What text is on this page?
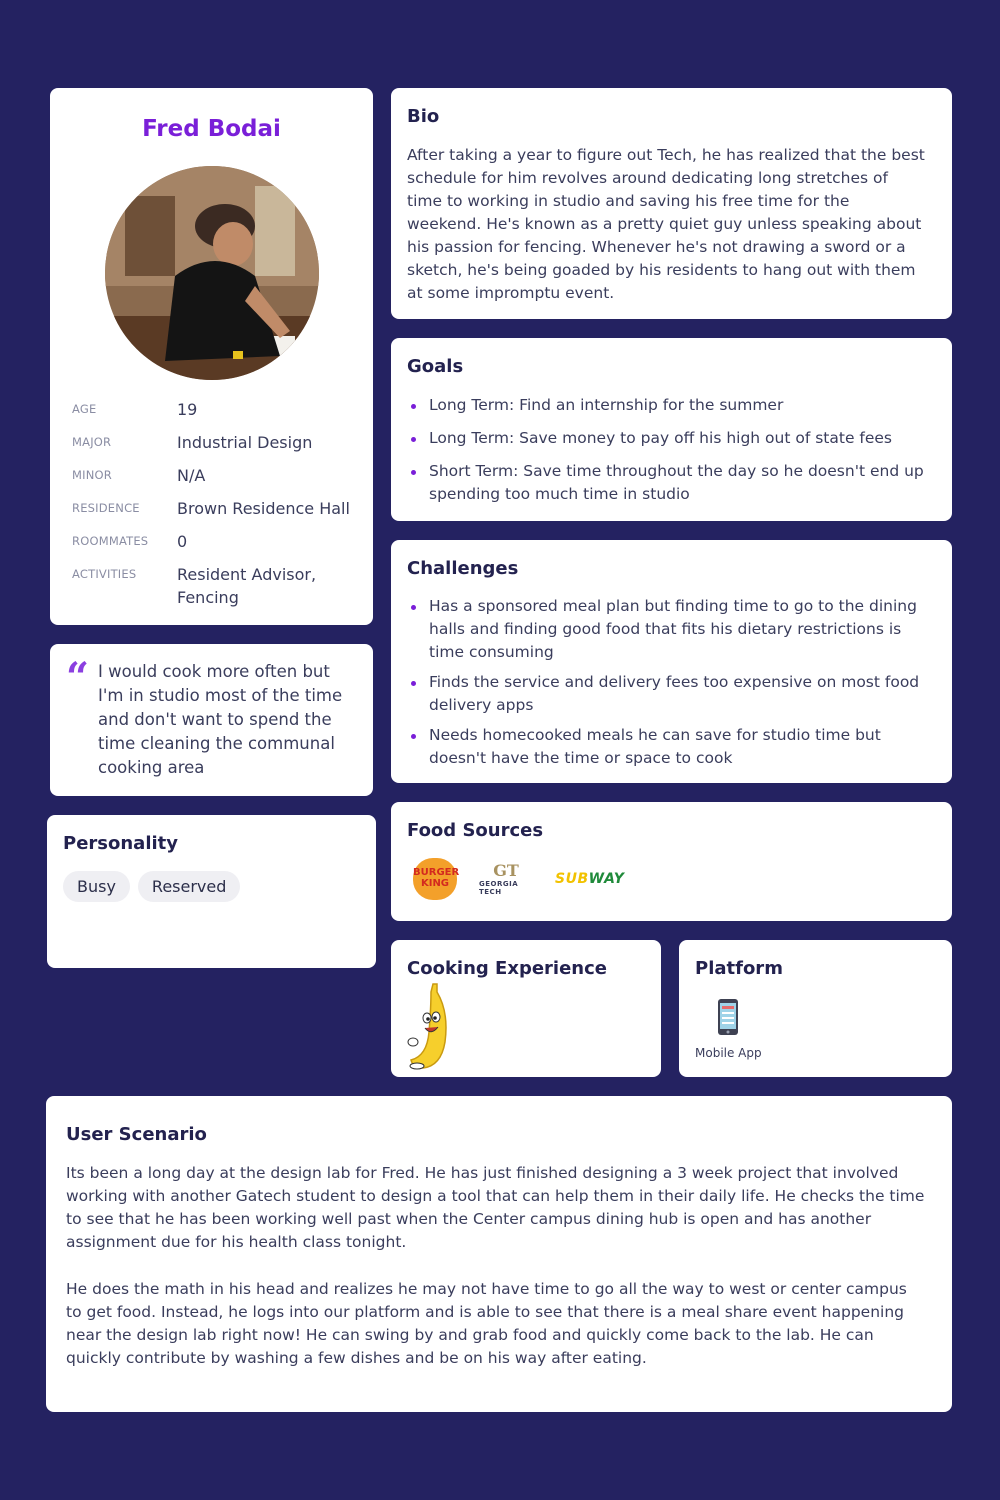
Fred Bodai
AGE	19
MAJOR	Industrial Design
MINOR	N/A
RESIDENCE	Brown Residence Hall
ROOMMATES	0
ACTIVITIES	Resident Advisor, Fencing
“ I would cook more often but I'm in studio most of the time and don't want to spend the time cleaning the communal cooking area
Personality
Busy	Reserved
Bio
After taking a year to figure out Tech, he has realized that the best schedule for him revolves around dedicating long stretches of time to working in studio and saving his free time for the weekend. He's known as a pretty quiet guy unless speaking about his passion for fencing. Whenever he's not drawing a sword or a sketch, he's being goaded by his residents to hang out with them at some impromptu event.
Goals
Long Term: Find an internship for the summer
Long Term: Save money to pay off his high out of state fees
Short Term: Save time throughout the day so he doesn't end up spending too much time in studio
Challenges
Has a sponsored meal plan but finding time to go to the dining halls and finding good food that fits his dietary restrictions is time consuming
Finds the service and delivery fees too expensive on most food delivery apps
Needs homecooked meals he can save for studio time but doesn't have the time or space to cook
Food Sources
BURGER
KING
GT
GEORGIA TECH
SUB WAY
Cooking Experience	Platform
Mobile App
User Scenario
Its been a long day at the design lab for Fred. He has just finished designing a 3 week project that involved working with another Gatech student to design a tool that can help them in their daily life. He checks the time to see that he has been working well past when the Center campus dining hub is open and has another assignment due for his health class tonight.
He does the math in his head and realizes he may not have time to go all the way to west or center campus to get food. Instead, he logs into our platform and is able to see that there is a meal share event happening near the design lab right now! He can swing by and grab food and quickly come back to the lab. He can quickly contribute by washing a few dishes and be on his way after eating.
